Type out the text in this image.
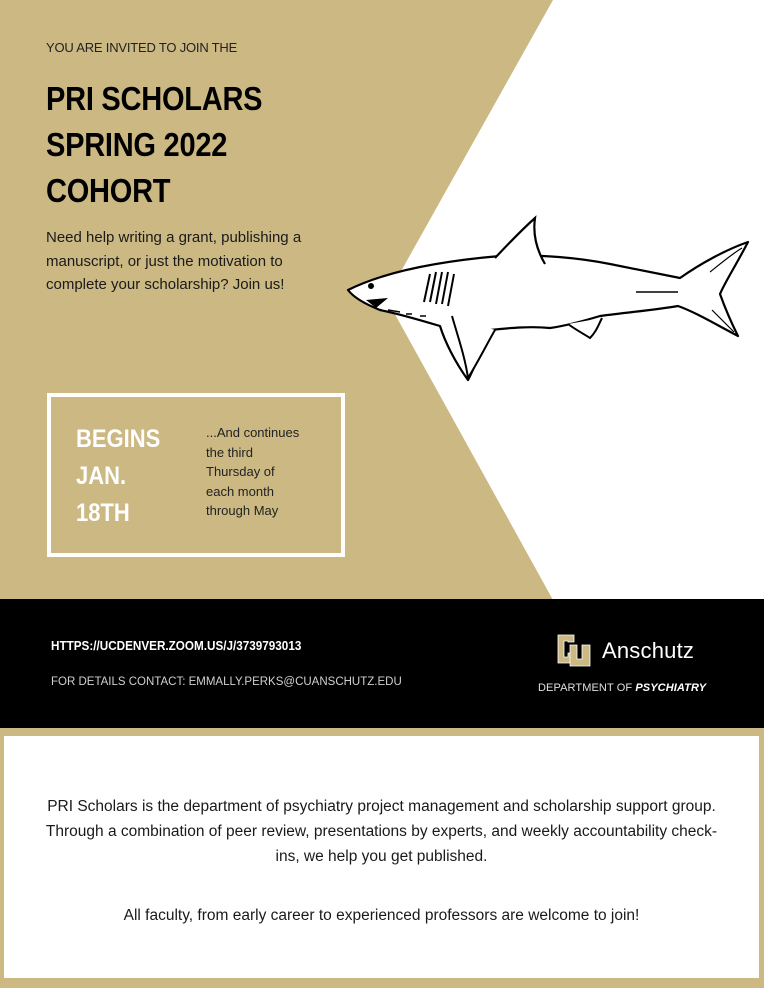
YOU ARE INVITED TO JOIN THE
PRI SCHOLARS
SPRING 2022
COHORT
Need help writing a grant, publishing a manuscript, or just the motivation to complete your scholarship? Join us!
BEGINS
JAN.
18TH
...And continues
the third
Thursday of
each month
through May
HTTPS://UCDENVER.ZOOM.US/J/3739793013
FOR DETAILS CONTACT: EMMALLY.PERKS@CUANSCHUTZ.EDU
Anschutz
DEPARTMENT OF PSYCHIATRY

PRI Scholars is the department of psychiatry project management and scholarship support group. Through a combination of peer review, presentations by experts, and weekly accountability check-ins, we help you get published.

All faculty, from early career to experienced professors are welcome to join!
